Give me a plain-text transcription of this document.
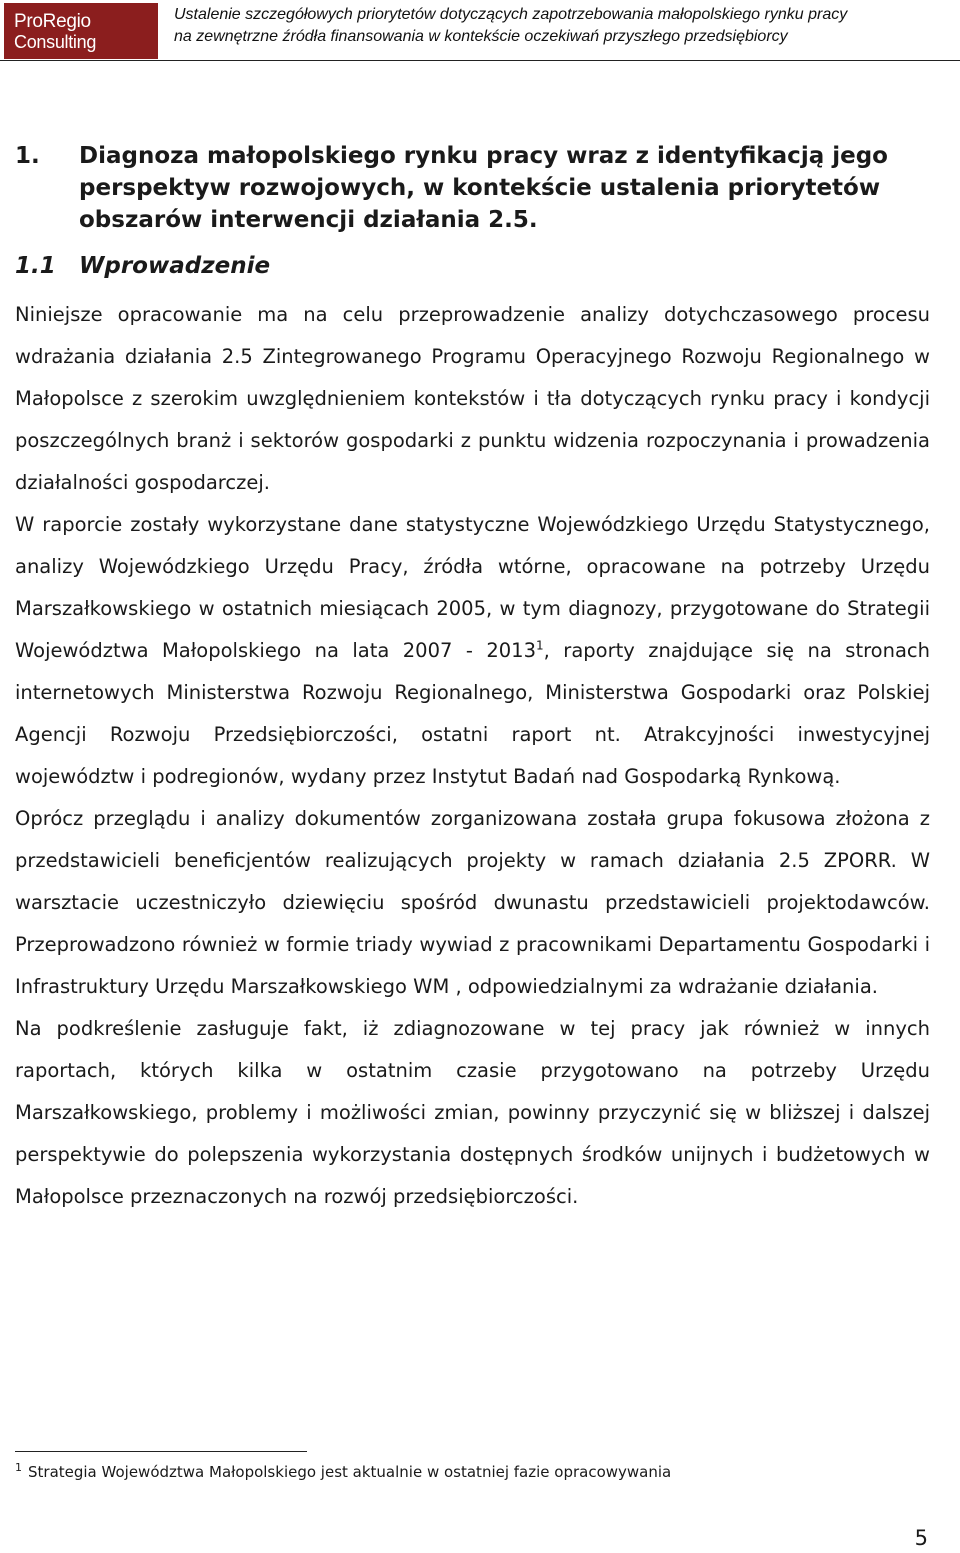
ProRegio
Consulting
Ustalenie szczegółowych priorytetów dotyczących zapotrzebowania małopolskiego rynku pracy
na zewnętrzne źródła finansowania w kontekście oczekiwań przyszłego przedsiębiorcy
1.	Diagnoza małopolskiego rynku pracy wraz z identyfikacją jego perspektyw rozwojowych, w kontekście ustalenia priorytetów obszarów interwencji działania 2.5.
1.1	Wprowadzenie

Niniejsze opracowanie ma na celu przeprowadzenie analizy dotychczasowego procesu wdrażania działania 2.5 Zintegrowanego Programu Operacyjnego Rozwoju Regionalnego w Małopolsce z szerokim uwzględnieniem kontekstów i tła dotyczących rynku pracy i kondycji poszczególnych branż i sektorów gospodarki z punktu widzenia rozpoczynania i prowadzenia działalności gospodarczej.

W raporcie zostały wykorzystane dane statystyczne Wojewódzkiego Urzędu Statystycznego, analizy Wojewódzkiego Urzędu Pracy, źródła wtórne, opracowane na potrzeby Urzędu Marszałkowskiego w ostatnich miesiącach 2005, w tym diagnozy, przygotowane do Strategii Województwa Małopolskiego na lata 2007 - 2013$^1$, raporty znajdujące się na stronach internetowych Ministerstwa Rozwoju Regionalnego, Ministerstwa Gospodarki oraz Polskiej Agencji Rozwoju Przedsiębiorczości, ostatni raport nt. Atrakcyjności inwestycyjnej województw i podregionów, wydany przez Instytut Badań nad Gospodarką Rynkową.

Oprócz przeglądu i analizy dokumentów zorganizowana została grupa fokusowa złożona z przedstawicieli beneficjentów realizujących projekty w ramach działania 2.5 ZPORR. W warsztacie uczestniczyło dziewięciu spośród dwunastu przedstawicieli projektodawców. Przeprowadzono również w formie triady wywiad z pracownikami Departamentu Gospodarki i Infrastruktury Urzędu Marszałkowskiego WM , odpowiedzialnymi za wdrażanie działania.

Na podkreślenie zasługuje fakt, iż zdiagnozowane w tej pracy jak również w innych raportach, których kilka w ostatnim czasie przygotowano na potrzeby Urzędu Marszałkowskiego, problemy i możliwości zmian, powinny przyczynić się w bliższej i dalszej perspektywie do polepszenia wykorzystania dostępnych środków unijnych i budżetowych w Małopolsce przeznaczonych na rozwój przedsiębiorczości.

$^1$ Strategia Województwa Małopolskiego jest aktualnie w ostatniej fazie opracowywania
5
